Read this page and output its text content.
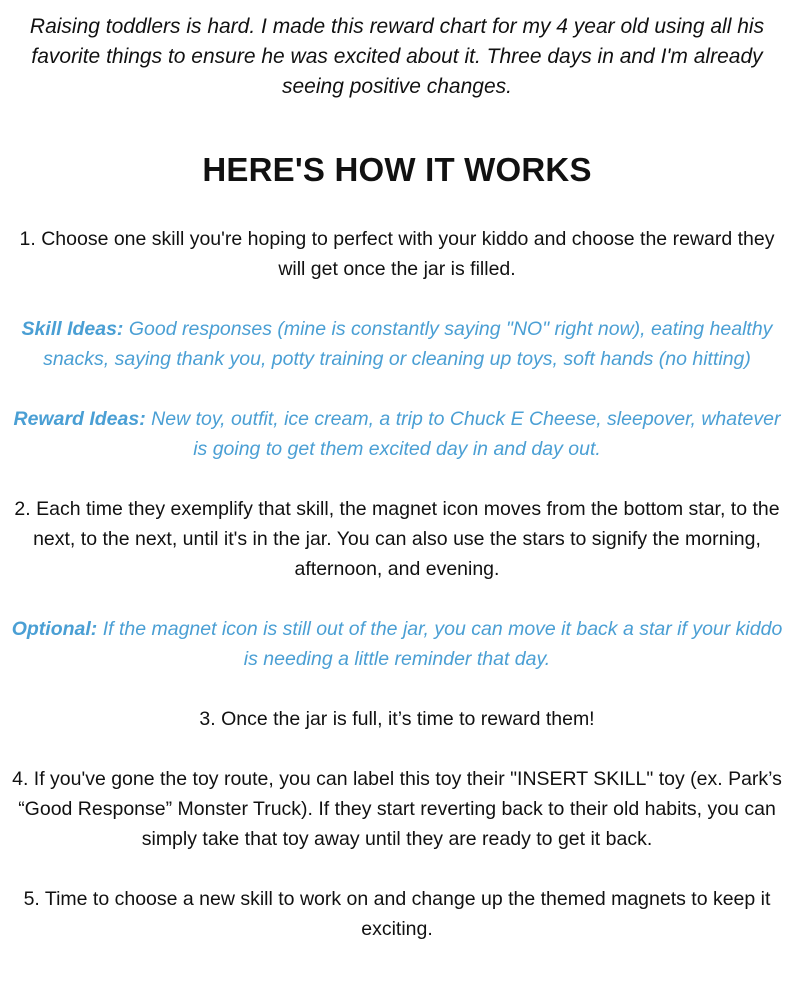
Raising toddlers is hard. I made this reward chart for my 4 year old using all his favorite things to ensure he was excited about it. Three days in and I'm already seeing positive changes.

HERE'S HOW IT WORKS

1. Choose one skill you're hoping to perfect with your kiddo and choose the reward they will get once the jar is filled.

Skill Ideas: Good responses (mine is constantly saying "NO" right now), eating healthy snacks, saying thank you, potty training or cleaning up toys, soft hands (no hitting)

Reward Ideas: New toy, outfit, ice cream, a trip to Chuck E Cheese, sleepover, whatever is going to get them excited day in and day out.

2. Each time they exemplify that skill, the magnet icon moves from the bottom star, to the next, to the next, until it's in the jar. You can also use the stars to signify the morning, afternoon, and evening.

Optional: If the magnet icon is still out of the jar, you can move it back a star if your kiddo is needing a little reminder that day.

3. Once the jar is full, it’s time to reward them!

4. If you've gone the toy route, you can label this toy their "INSERT SKILL" toy (ex. Park’s “Good Response” Monster Truck). If they start reverting back to their old habits, you can simply take that toy away until they are ready to get it back.

5. Time to choose a new skill to work on and change up the themed magnets to keep it exciting.
